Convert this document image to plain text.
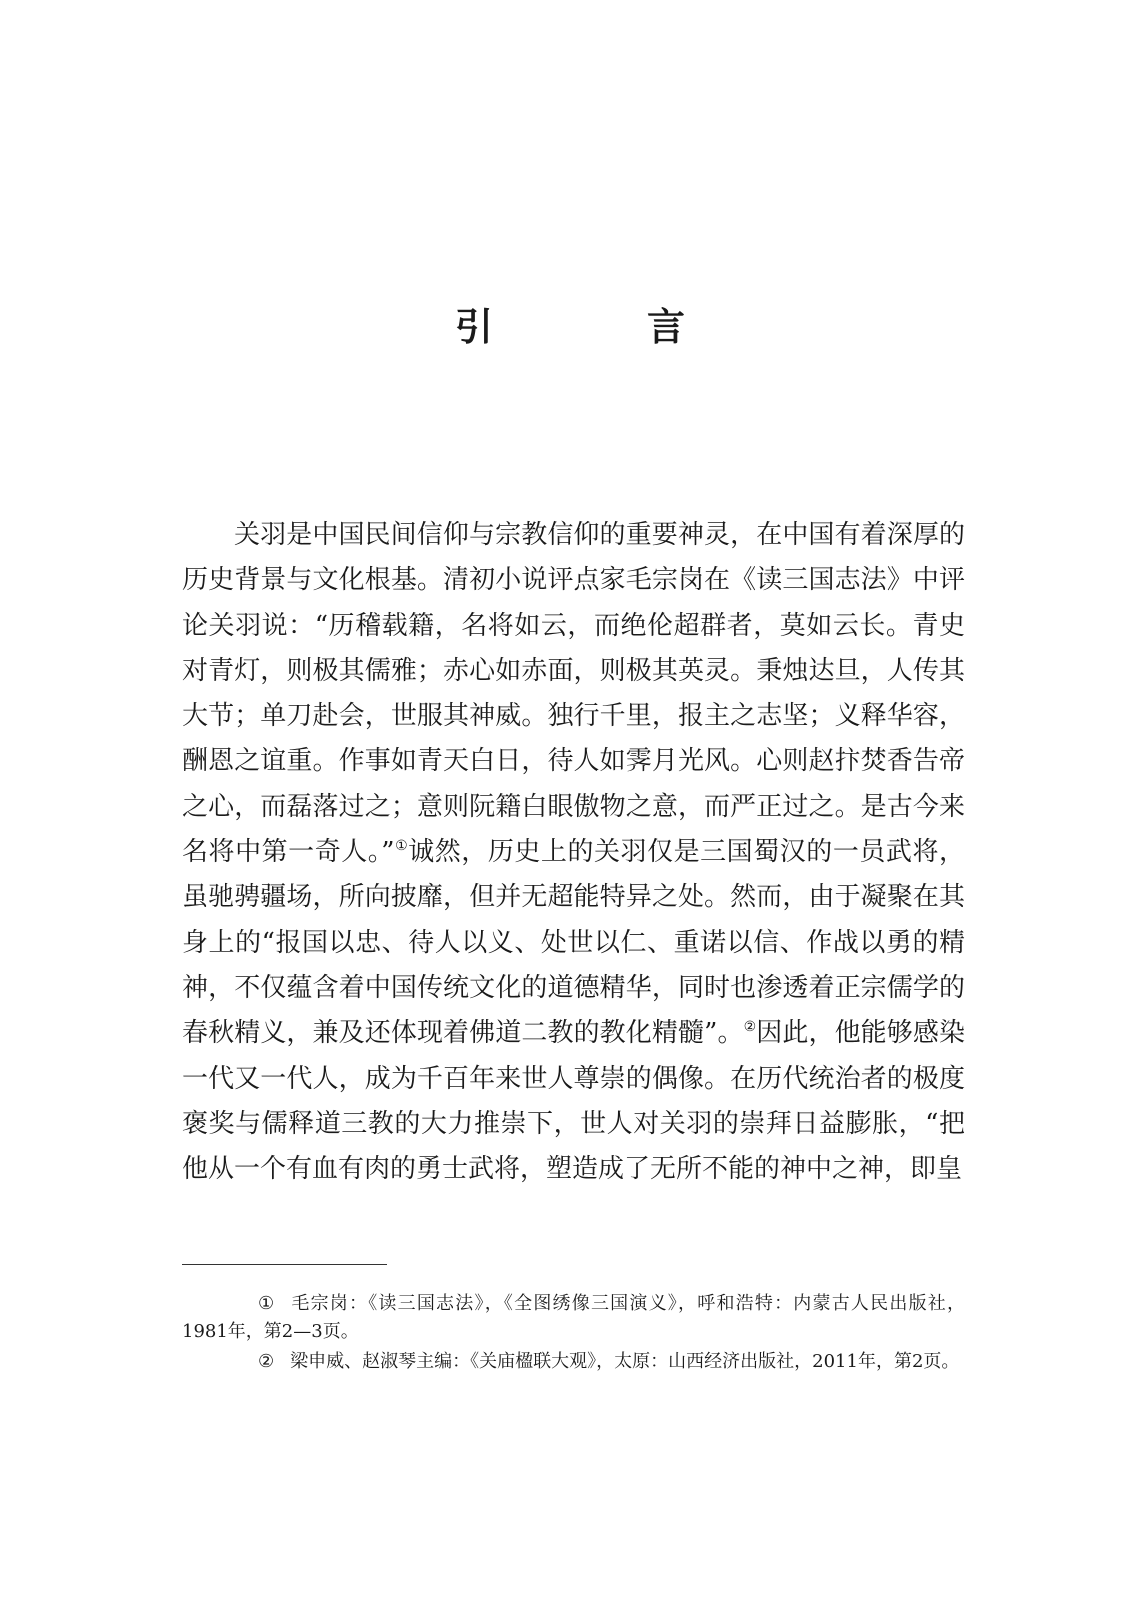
引　言

关羽是中国民间信仰与宗教信仰的重要神灵，在中国有着深厚的历史背景与文化根基。清初小说评点家毛宗岗在《读三国志法》中评论关羽说：“历稽载籍，名将如云，而绝伦超群者，莫如云长。青史对青灯，则极其儒雅；赤心如赤面，则极其英灵。秉烛达旦，人传其大节；单刀赴会，世服其神威。独行千里，报主之志坚；义释华容，酬恩之谊重。作事如青天白日，待人如霁月光风。心则赵抃焚香告帝之心，而磊落过之；意则阮籍白眼傲物之意，而严正过之。是古今来名将中第一奇人。”①诚然，历史上的关羽仅是三国蜀汉的一员武将，虽驰骋疆场，所向披靡，但并无超能特异之处。然而，由于凝聚在其身上的“报国以忠、待人以义、处世以仁、重诺以信、作战以勇的精神，不仅蕴含着中国传统文化的道德精华，同时也渗透着正宗儒学的春秋精义，兼及还体现着佛道二教的教化精髓”。②因此，他能够感染一代又一代人，成为千百年来世人尊崇的偶像。在历代统治者的极度褒奖与儒释道三教的大力推崇下，世人对关羽的崇拜日益膨胀，“把他从一个有血有肉的勇士武将，塑造成了无所不能的神中之神，即皇

① 毛宗岗：《读三国志法》，《全图绣像三国演义》，呼和浩特：内蒙古人民出版社，1981年，第2—3页。

② 梁申威、赵淑琴主编：《关庙楹联大观》，太原：山西经济出版社，2011年，第2页。
